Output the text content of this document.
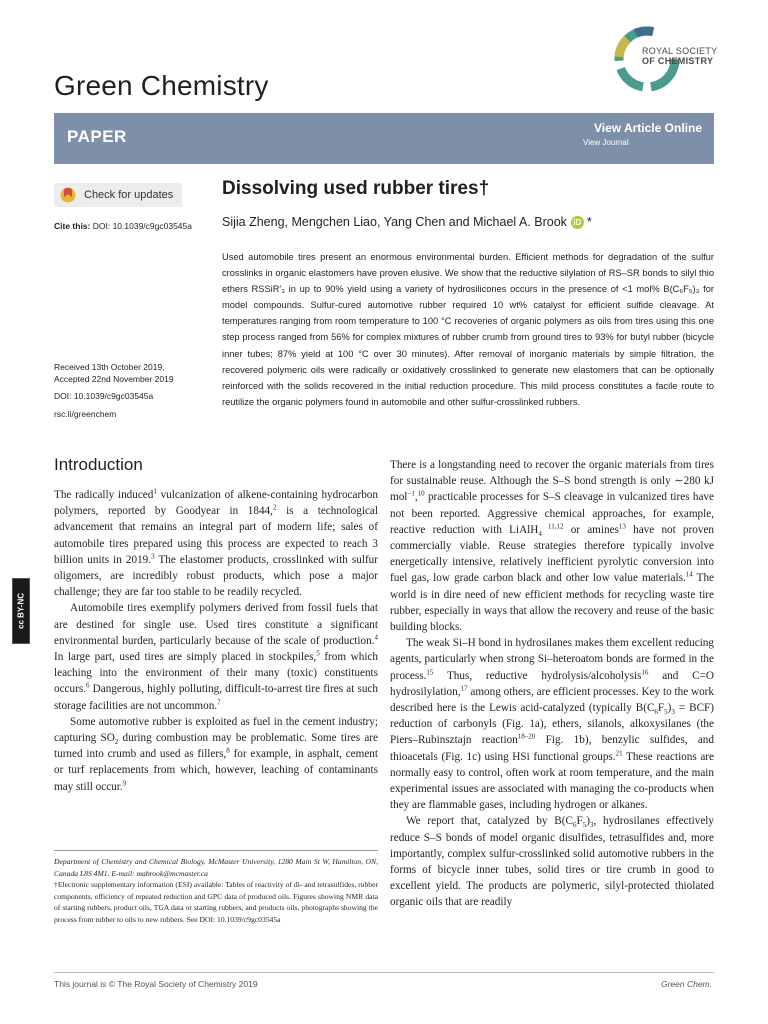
Green Chemistry
ROYAL SOCIETY
OF CHEMISTRY
PAPER	View Article Online
View Journal
Check for updates
Cite this: DOI: 10.1039/c9gc03545a
Dissolving used rubber tires†
Sijia Zheng, Mengchen Liao, Yang Chen and Michael A. Brook iD *
Used automobile tires present an enormous environmental burden. Efficient methods for degradation of the sulfur crosslinks in organic elastomers have proven elusive. We show that the reductive silylation of RS–SR bonds to silyl thio ethers RSSiR′₃ in up to 90% yield using a variety of hydrosilicones occurs in the presence of <1 mol% B(C₆F₅)₃ for model compounds. Sulfur-cured automotive rubber required 10 wt% catalyst for efficient sulfide cleavage. At temperatures ranging from room temperature to 100 °C recoveries of organic polymers as oils from tires using this one step process ranged from 56% for complex mixtures of rubber crumb from ground tires to 93% for butyl rubber (bicycle inner tubes; 87% yield at 100 °C over 30 minutes). After removal of inorganic materials by simple filtration, the recovered polymeric oils were radically or oxidatively crosslinked to generate new elastomers that can be optionally reinforced with the solids recovered in the initial reduction procedure. This mild process constitutes a facile route to reutilize the organic polymers found in automobile and other sulfur-crosslinked rubbers.
Received 13th October 2019,
Accepted 22nd November 2019
DOI: 10.1039/c9gc03545a
rsc.li/greenchem
cc BY-NC
Introduction

The radically induced$^1$ vulcanization of alkene-containing hydrocarbon polymers, reported by Goodyear in 1844,$^2$ is a technological advancement that remains an integral part of modern life; sales of automobile tires prepared using this process are expected to reach 3 billion units in 2019.$^3$ The elastomer products, crosslinked with sulfur oligomers, are incredibly robust products, which pose a major challenge; they are far too stable to be readily recycled.

Automobile tires exemplify polymers derived from fossil fuels that are destined for single use. Used tires constitute a significant environmental burden, particularly because of the scale of production.$^4$ In large part, used tires are simply placed in stockpiles,$^5$ from which leaching into the environment of their many (toxic) constituents occurs.$^6$ Dangerous, highly polluting, difficult-to-arrest tire fires at such storage facilities are not uncommon.$^7$

Some automotive rubber is exploited as fuel in the cement industry; capturing $SO_2$ during combustion may be problematic. Some tires are turned into crumb and used as fillers,$^8$ for example, in asphalt, cement or turf replacements from which, however, leaching of contaminants may still occur.$^9$

There is a longstanding need to recover the organic materials from tires for sustainable reuse. Although the S–S bond strength is only ∼280 kJ mol$^{-1}$,$^{10}$ practicable processes for S–S cleavage in vulcanized tires have not been reported. Aggressive chemical approaches, for example, reactive reduction with LiAlH$_4$ $^{11,12}$ or amines$^{13}$ have not proven commercially viable. Reuse strategies therefore typically involve energetically intensive, relatively inefficient pyrolytic conversion into fuel gas, low grade carbon black and other low value materials.$^{14}$ The world is in dire need of new efficient methods for recycling waste tire rubber, especially in ways that allow the recovery and reuse of the basic building blocks.

The weak Si–H bond in hydrosilanes makes them excellent reducing agents, particularly when strong Si–heteroatom bonds are formed in the process.$^{15}$ Thus, reductive hydrolysis/alcoholysis$^{16}$ and C=O hydrosilylation,$^{17}$ among others, are efficient processes. Key to the work described here is the Lewis acid-catalyzed (typically $B(C_6F_5)_3 = BCF$) reduction of carbonyls (Fig. 1a), ethers, silanols, alkoxysilanes (the Piers–Rubinsztajn reaction$^{18-20}$ Fig. 1b), benzylic sulfides, and thioacetals (Fig. 1c) using HSi functional groups.$^{21}$ These reactions are normally easy to control, often work at room temperature, and the main experimental issues are associated with managing the co-products when they are flammable gases, including hydrogen or alkanes.

We report that, catalyzed by $B(C_6F_5)_3$, hydrosilanes effectively reduce S–S bonds of model organic disulfides, tetrasulfides and, more importantly, complex sulfur-crosslinked solid automotive rubbers in the forms of bicycle inner tubes, solid tires or tire crumb in good to excellent yield. The products are polymeric, silyl-protected thiolated organic oils that are readily

Department of Chemistry and Chemical Biology, McMaster University, 1280 Main St W, Hamilton, ON, Canada L8S 4M1. E-mail: mabrook@mcmaster.ca
†Electronic supplementary information (ESI) available: Tables of reactivity of di- and tetrasulfides, rubber components, efficiency of repeated reduction and GPC data of produced oils. Figures showing NMR data of starting rubbers, product oils, TGA data or starting rubbers, and products oils, photographs showing the process from rubber to oils to new rubbers. See DOI: 10.1039/c9gc03545a
This journal is © The Royal Society of Chemistry 2019	Green Chem.
